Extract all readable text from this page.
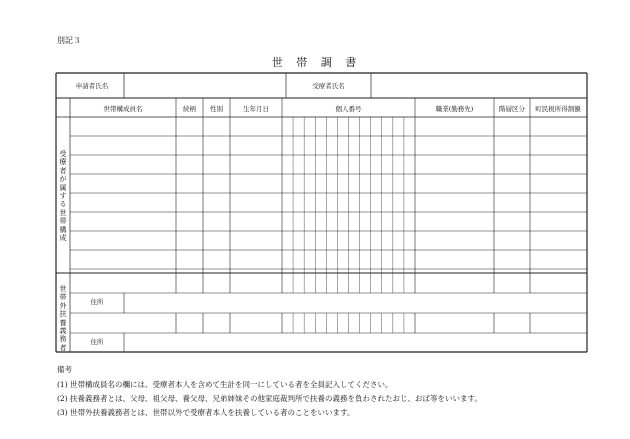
別記３
世 帯 調 書
申請者氏名	受療者氏名
世帯構成員名	続柄	性別	生年月日	個人番号	職業(勤務先)	階層区分	町民税所得割額
受療者が属する世帯構成
世帯外扶養義務者
住所
住所
備考
(1) 世帯構成員名の欄には、受療者本人を含めて生計を同一にしている者を全員記入してください。
(2) 扶養義務者とは、父母、祖父母、養父母、兄弟姉妹その他家庭裁判所で扶養の義務を負わされたおじ、おば等をいいます。
(3) 世帯外扶養義務者とは、世帯以外で受療者本人を扶養している者のことをいいます。
